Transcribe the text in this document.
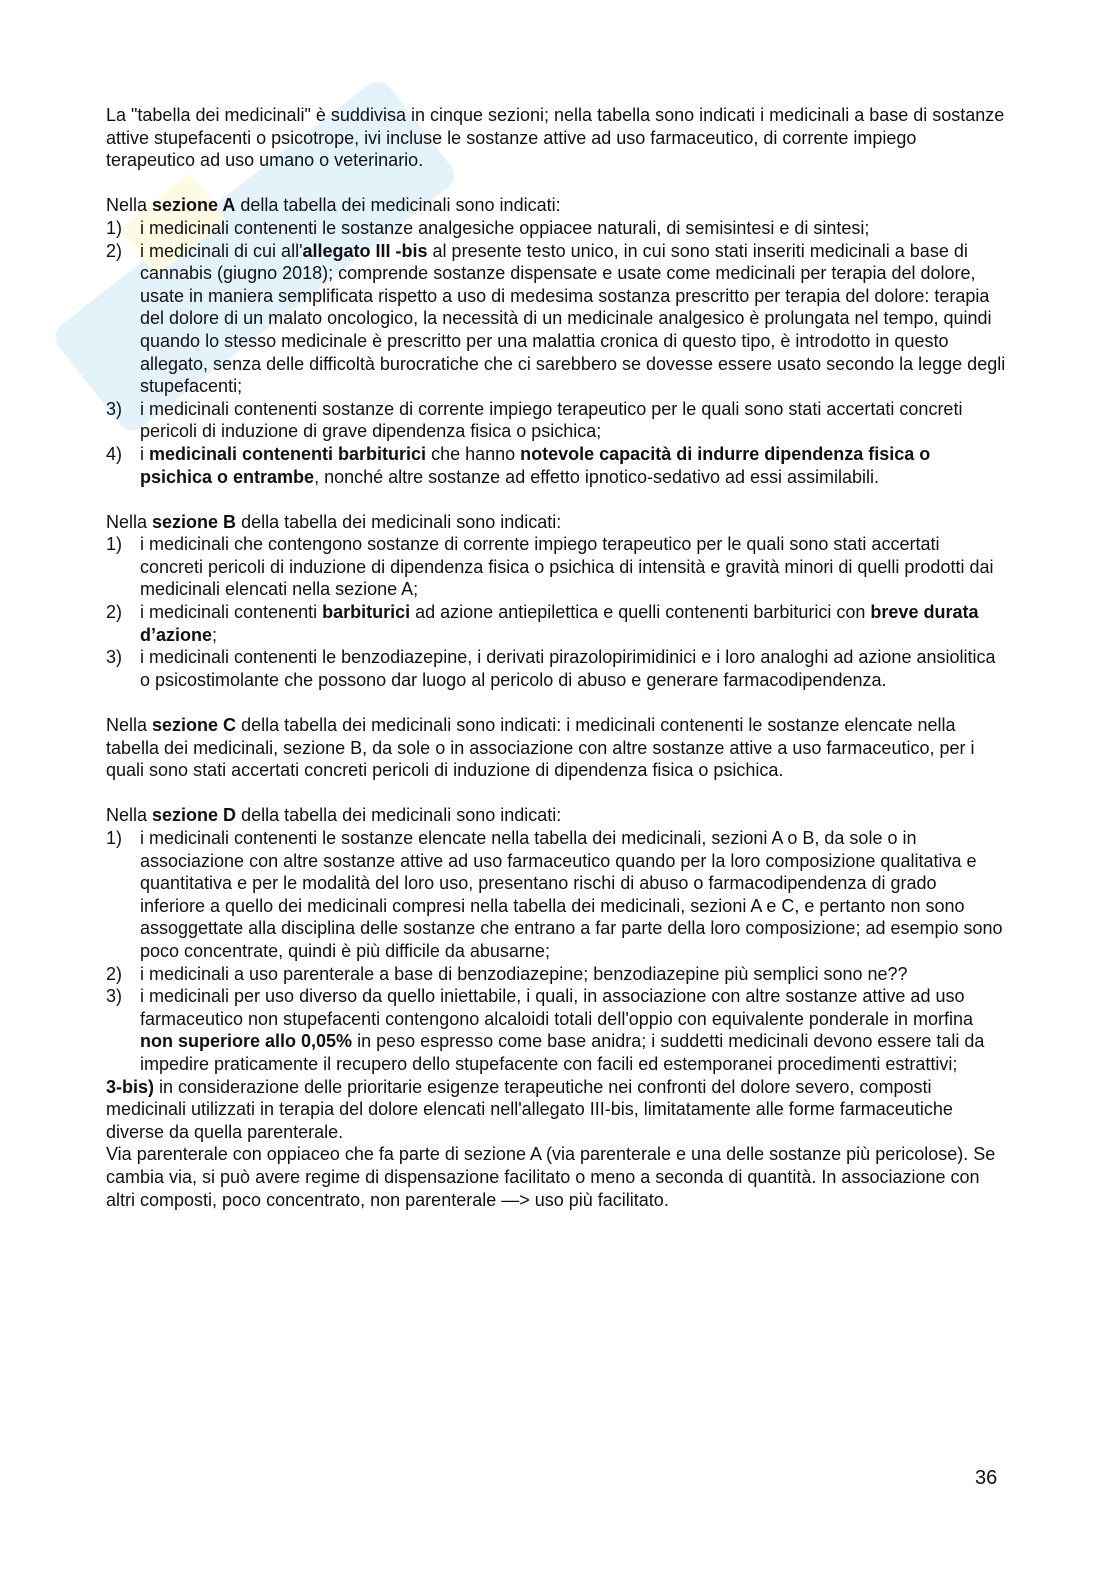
La "tabella dei medicinali" è suddivisa in cinque sezioni; nella tabella sono indicati i medicinali a base di sostanze attive stupefacenti o psicotrope, ivi incluse le sostanze attive ad uso farmaceutico, di corrente impiego terapeutico ad uso umano o veterinario.

Nella sezione A della tabella dei medicinali sono indicati:

1) i medicinali contenenti le sostanze analgesiche oppiacee naturali, di semisintesi e di sintesi;
2) i medicinali di cui all'allegato III -bis al presente testo unico, in cui sono stati inseriti medicinali a base di cannabis (giugno 2018); comprende sostanze dispensate e usate come medicinali per terapia del dolore, usate in maniera semplificata rispetto a uso di medesima sostanza prescritto per terapia del dolore: terapia del dolore di un malato oncologico, la necessità di un medicinale analgesico è prolungata nel tempo, quindi quando lo stesso medicinale è prescritto per una malattia cronica di questo tipo, è introdotto in questo allegato, senza delle difficoltà burocratiche che ci sarebbero se dovesse essere usato secondo la legge degli stupefacenti;
3) i medicinali contenenti sostanze di corrente impiego terapeutico per le quali sono stati accertati concreti pericoli di induzione di grave dipendenza fisica o psichica;
4) i medicinali contenenti barbiturici che hanno notevole capacità di indurre dipendenza fisica o psichica o entrambe, nonché altre sostanze ad effetto ipnotico-sedativo ad essi assimilabili.

Nella sezione B della tabella dei medicinali sono indicati:

1) i medicinali che contengono sostanze di corrente impiego terapeutico per le quali sono stati accertati concreti pericoli di induzione di dipendenza fisica o psichica di intensità e gravità minori di quelli prodotti dai medicinali elencati nella sezione A;
2) i medicinali contenenti barbiturici ad azione antiepilettica e quelli contenenti barbiturici con breve durata d’azione;
3) i medicinali contenenti le benzodiazepine, i derivati pirazolopirimidinici e i loro analoghi ad azione ansiolitica o psicostimolante che possono dar luogo al pericolo di abuso e generare farmacodipendenza.

Nella sezione C della tabella dei medicinali sono indicati: i medicinali contenenti le sostanze elencate nella tabella dei medicinali, sezione B, da sole o in associazione con altre sostanze attive a uso farmaceutico, per i quali sono stati accertati concreti pericoli di induzione di dipendenza fisica o psichica.

Nella sezione D della tabella dei medicinali sono indicati:

1) i medicinali contenenti le sostanze elencate nella tabella dei medicinali, sezioni A o B, da sole o in associazione con altre sostanze attive ad uso farmaceutico quando per la loro composizione qualitativa e quantitativa e per le modalità del loro uso, presentano rischi di abuso o farmacodipendenza di grado inferiore a quello dei medicinali compresi nella tabella dei medicinali, sezioni A e C, e pertanto non sono assoggettate alla disciplina delle sostanze che entrano a far parte della loro composizione; ad esempio sono poco concentrate, quindi è più difficile da abusarne;
2) i medicinali a uso parenterale a base di benzodiazepine; benzodiazepine più semplici sono ne??
3) i medicinali per uso diverso da quello iniettabile, i quali, in associazione con altre sostanze attive ad uso farmaceutico non stupefacenti contengono alcaloidi totali dell'oppio con equivalente ponderale in morfina non superiore allo 0,05% in peso espresso come base anidra; i suddetti medicinali devono essere tali da impedire praticamente il recupero dello stupefacente con facili ed estemporanei procedimenti estrattivi;

3-bis) in considerazione delle prioritarie esigenze terapeutiche nei confronti del dolore severo, composti medicinali utilizzati in terapia del dolore elencati nell'allegato III-bis, limitatamente alle forme farmaceutiche diverse da quella parenterale.

Via parenterale con oppiaceo che fa parte di sezione A (via parenterale e una delle sostanze più pericolose). Se cambia via, si può avere regime di dispensazione facilitato o meno a seconda di quantità. In associazione con altri composti, poco concentrato, non parenterale —> uso più facilitato.

36
